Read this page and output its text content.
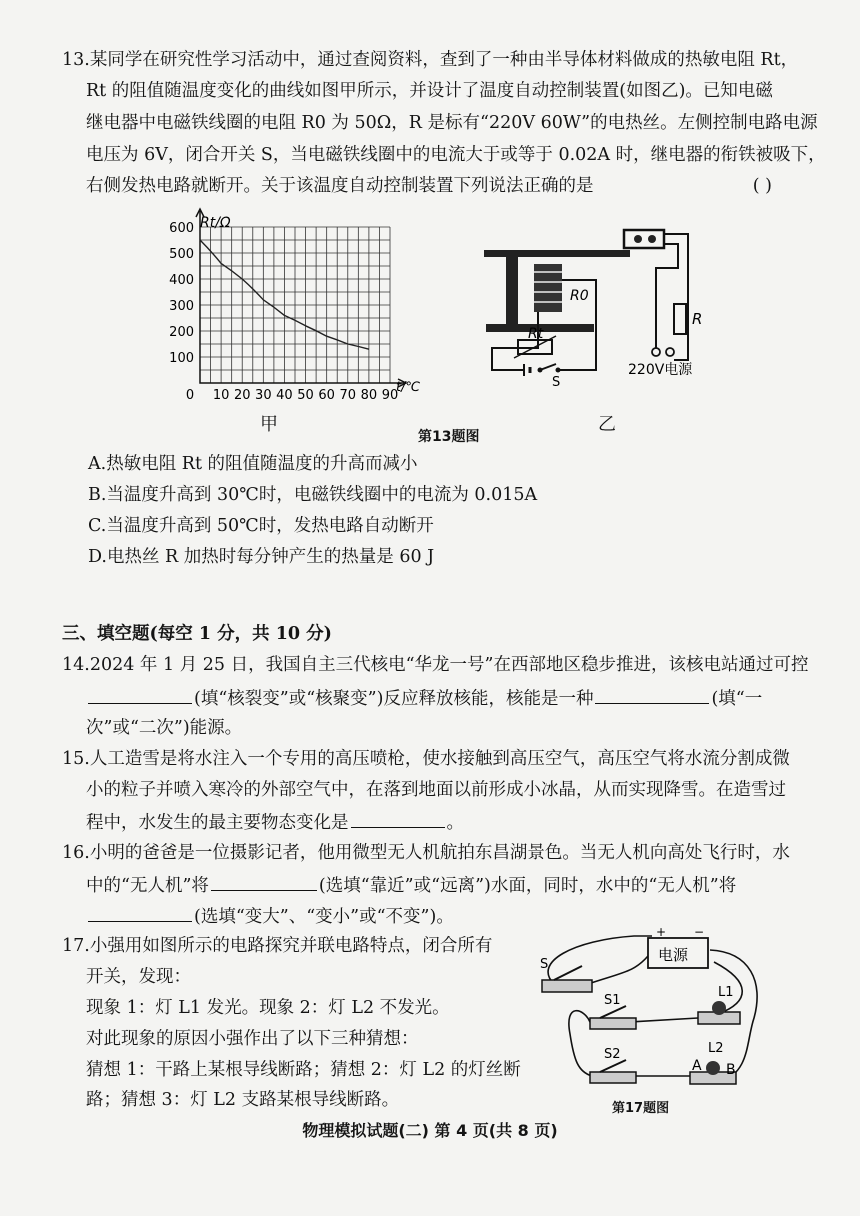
13.某同学在研究性学习活动中，通过查阅资料，查到了一种由半导体材料做成的热敏电阻 Rt，
Rt 的阻值随温度变化的曲线如图甲所示，并设计了温度自动控制装置(如图乙)。已知电磁
继电器中电磁铁线圈的电阻 R0 为 50Ω，R 是标有“220V 60W”的电热丝。左侧控制电路电源
电压为 6V，闭合开关 S，当电磁铁线圈中的电流大于或等于 0.02A 时，继电器的衔铁被吸下，
右侧发热电路就断开。关于该温度自动控制装置下列说法正确的是	( )
100
200
300
400
500
600
0 10 20 30 40 50 60 70 80 90
Rt/Ω
t/℃
甲
R0
Rt
R
S
220V电源
乙
第13题图
A.热敏电阻 Rt 的阻值随温度的升高而减小
B.当温度升高到 30℃时，电磁铁线圈中的电流为 0.015A
C.当温度升高到 50℃时，发热电路自动断开
D.电热丝 R 加热时每分钟产生的热量是 60 J
三、填空题(每空 1 分，共 10 分)
14.2024 年 1 月 25 日，我国自主三代核电“华龙一号”在西部地区稳步推进，该核电站通过可控
(填“核裂变”或“核聚变”)反应释放核能，核能是一种	(填“一
次”或“二次”)能源。
15.人工造雪是将水注入一个专用的高压喷枪，使水接触到高压空气，高压空气将水流分割成微
小的粒子并喷入寒冷的外部空气中，在落到地面以前形成小冰晶，从而实现降雪。在造雪过
程中，水发生的最主要物态变化是	。
16.小明的爸爸是一位摄影记者，他用微型无人机航拍东昌湖景色。当无人机向高处飞行时，水
中的“无人机”将	(选填“靠近”或“远离”)水面，同时，水中的“无人机”将
(选填“变大”、“变小”或“不变”)。
17.小强用如图所示的电路探究并联电路特点，闭合所有
开关，发现：
现象 1：灯 L1 发光。现象 2：灯 L2 不发光。
对此现象的原因小强作出了以下三种猜想：
猜想 1：干路上某根导线断路；猜想 2：灯 L2 的灯丝断
路；猜想 3：灯 L2 支路某根导线断路。
电源
+ −
S
S1
S2
L1
L2
A B
第17题图
物理模拟试题(二) 第 4 页(共 8 页)
